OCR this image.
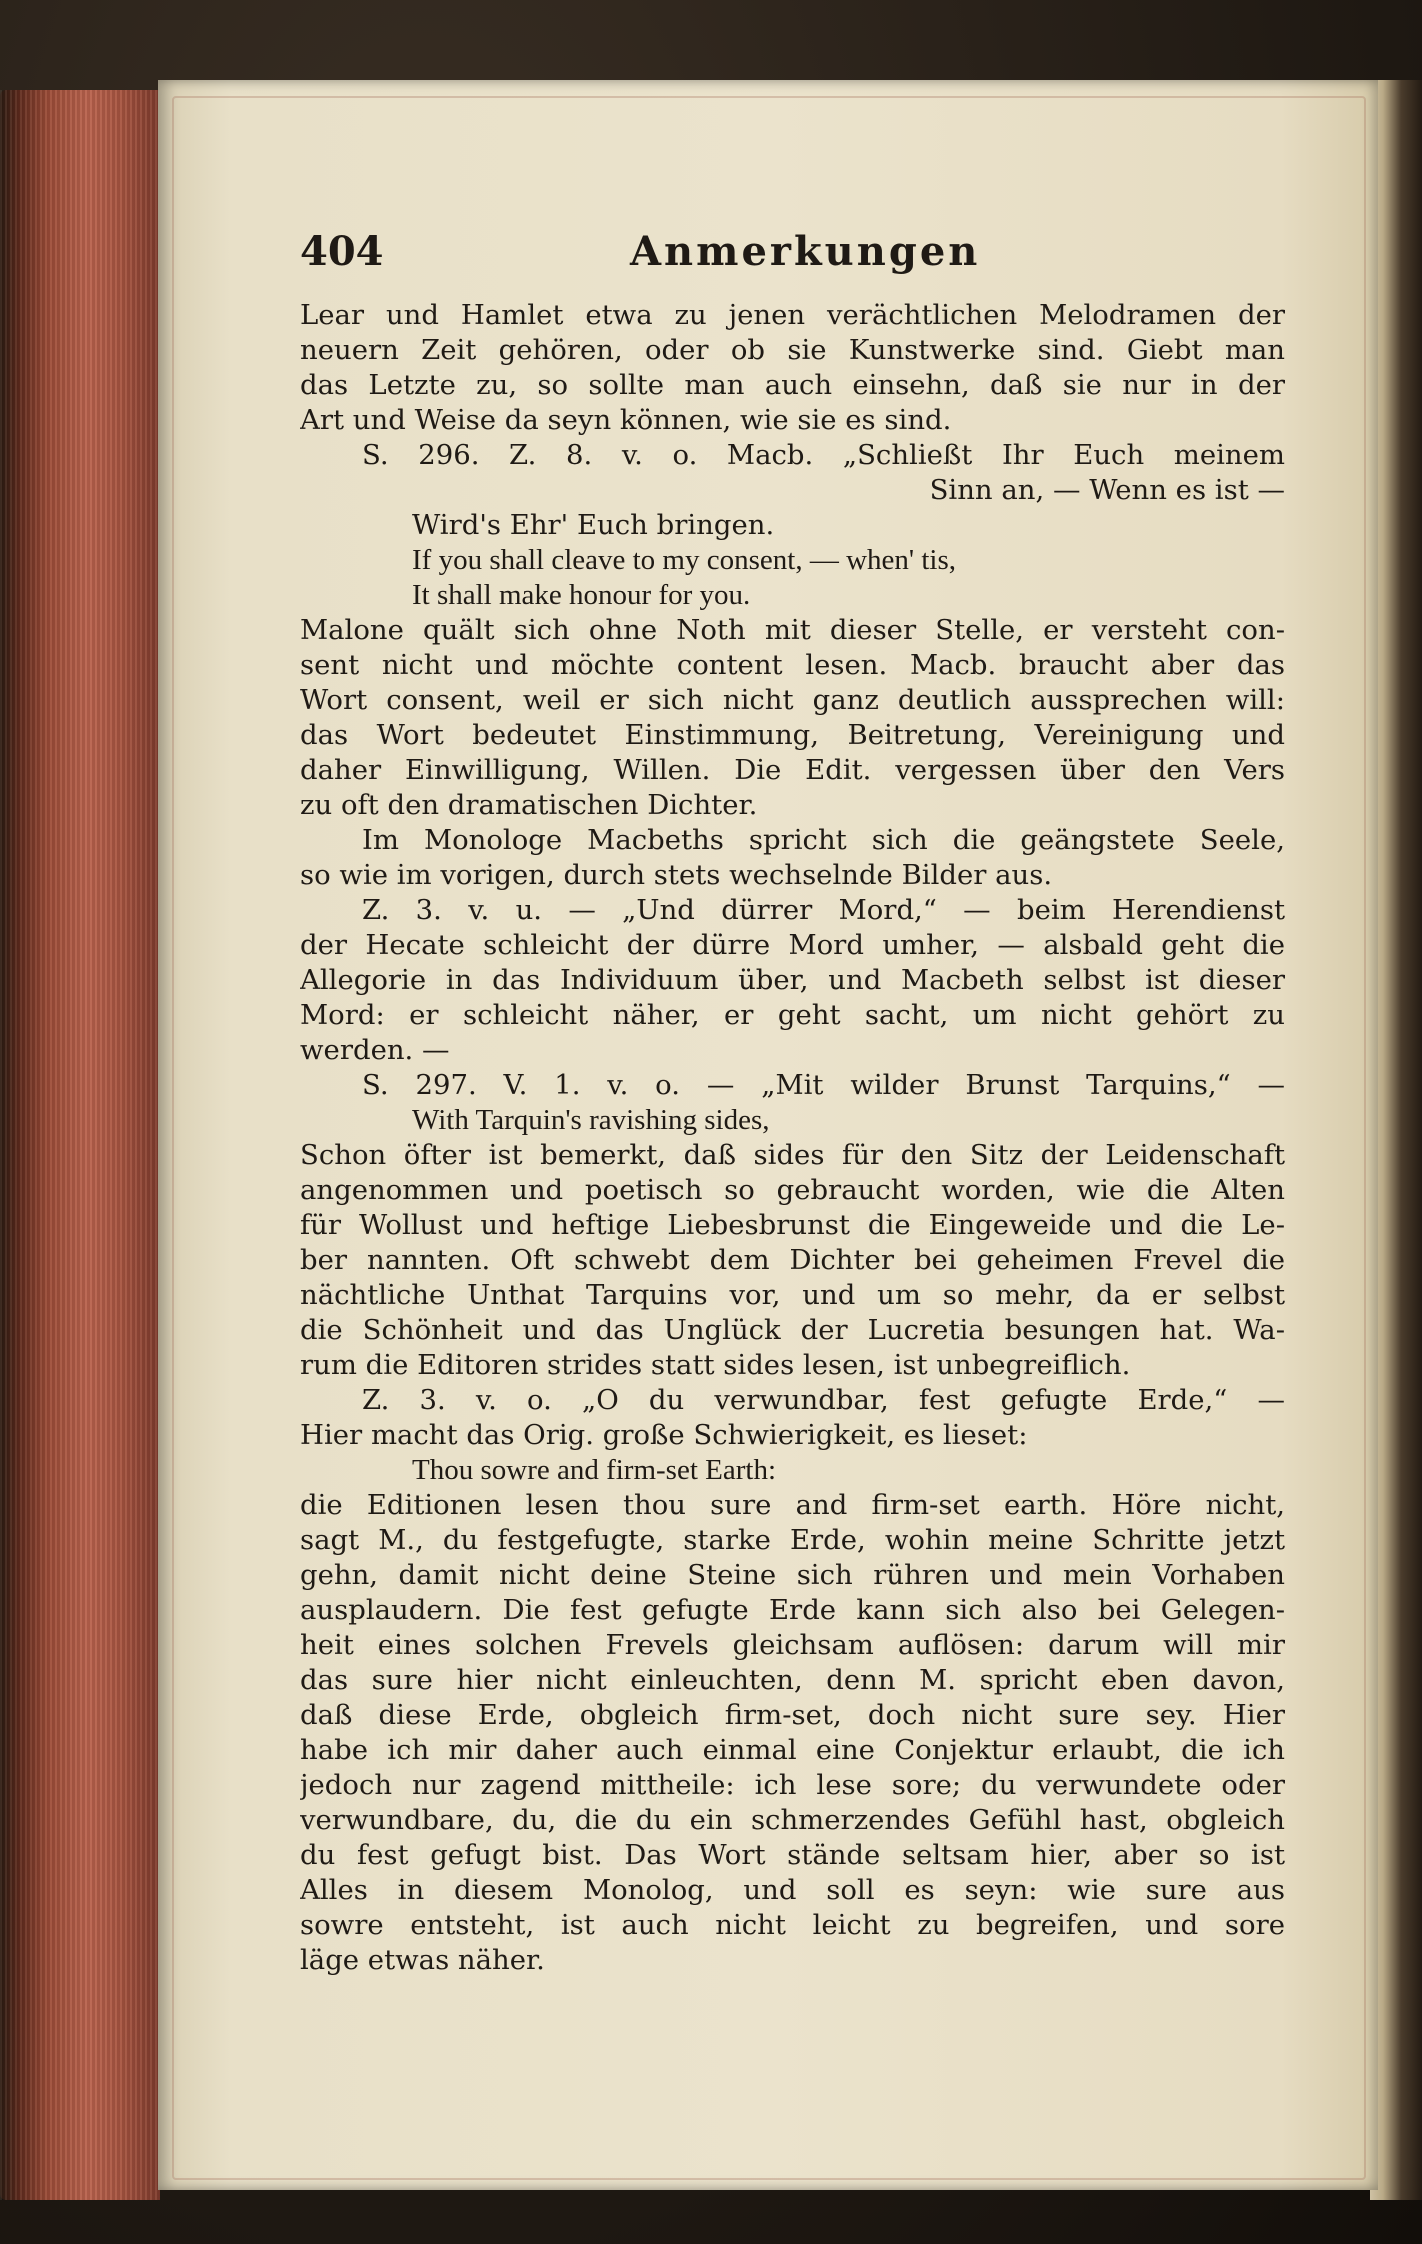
404	Anmerkungen
Lear und Hamlet etwa zu jenen verächtlichen Melodramen der
neuern Zeit gehören, oder ob sie Kunstwerke sind. Giebt man
das Letzte zu, so sollte man auch einsehn, daß sie nur in der
Art und Weise da seyn können, wie sie es sind.
S. 296. Z. 8. v. o. Macb. „Schließt Ihr Euch meinem
Sinn an, — Wenn es ist —
Wird's Ehr' Euch bringen.
If you shall cleave to my consent, — when' tis,
It shall make honour for you.
Malone quält sich ohne Noth mit dieser Stelle, er versteht con-
sent nicht und möchte content lesen. Macb. braucht aber das
Wort consent, weil er sich nicht ganz deutlich aussprechen will:
das Wort bedeutet Einstimmung, Beitretung, Vereinigung und
daher Einwilligung, Willen. Die Edit. vergessen über den Vers
zu oft den dramatischen Dichter.
Im Monologe Macbeths spricht sich die geängstete Seele,
so wie im vorigen, durch stets wechselnde Bilder aus.
Z. 3. v. u. — „Und dürrer Mord,“ — beim Herendienst
der Hecate schleicht der dürre Mord umher, — alsbald geht die
Allegorie in das Individuum über, und Macbeth selbst ist dieser
Mord: er schleicht näher, er geht sacht, um nicht gehört zu
werden. —
S. 297. V. 1. v. o. — „Mit wilder Brunst Tarquins,“ —
With Tarquin's ravishing sides,
Schon öfter ist bemerkt, daß sides für den Sitz der Leidenschaft
angenommen und poetisch so gebraucht worden, wie die Alten
für Wollust und heftige Liebesbrunst die Eingeweide und die Le-
ber nannten. Oft schwebt dem Dichter bei geheimen Frevel die
nächtliche Unthat Tarquins vor, und um so mehr, da er selbst
die Schönheit und das Unglück der Lucretia besungen hat. Wa-
rum die Editoren strides statt sides lesen, ist unbegreiflich.
Z. 3. v. o. „O du verwundbar, fest gefugte Erde,“ —
Hier macht das Orig. große Schwierigkeit, es lieset:
Thou sowre and firm-set Earth:
die Editionen lesen thou sure and firm-set earth. Höre nicht,
sagt M., du festgefugte, starke Erde, wohin meine Schritte jetzt
gehn, damit nicht deine Steine sich rühren und mein Vorhaben
ausplaudern. Die fest gefugte Erde kann sich also bei Gelegen-
heit eines solchen Frevels gleichsam auflösen: darum will mir
das sure hier nicht einleuchten, denn M. spricht eben davon,
daß diese Erde, obgleich firm-set, doch nicht sure sey. Hier
habe ich mir daher auch einmal eine Conjektur erlaubt, die ich
jedoch nur zagend mittheile: ich lese sore; du verwundete oder
verwundbare, du, die du ein schmerzendes Gefühl hast, obgleich
du fest gefugt bist. Das Wort stände seltsam hier, aber so ist
Alles in diesem Monolog, und soll es seyn: wie sure aus
sowre entsteht, ist auch nicht leicht zu begreifen, und sore
läge etwas näher.
